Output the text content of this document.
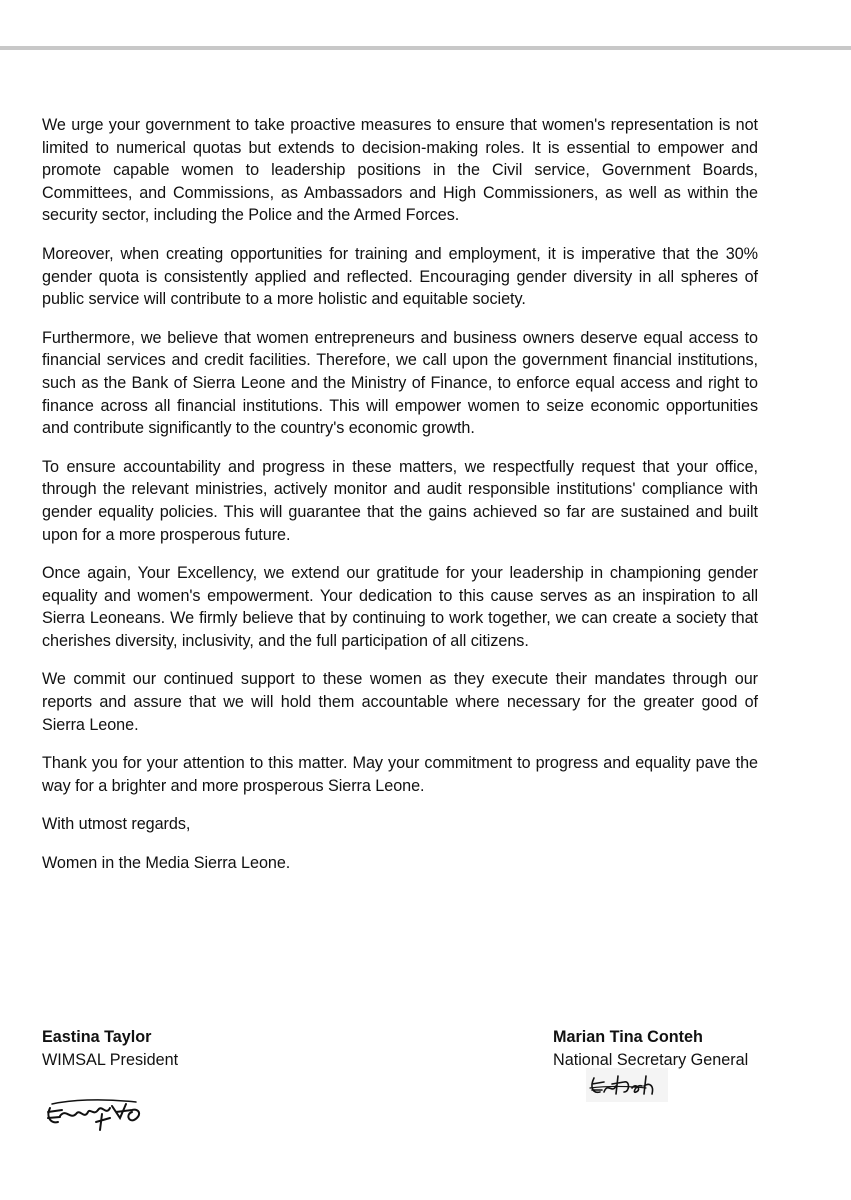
We urge your government to take proactive measures to ensure that women's representation is not limited to numerical quotas but extends to decision-making roles. It is essential to empower and promote capable women to leadership positions in the Civil service, Government Boards, Committees, and Commissions, as Ambassadors and High Commissioners, as well as within the security sector, including the Police and the Armed Forces.

Moreover, when creating opportunities for training and employment, it is imperative that the 30% gender quota is consistently applied and reflected. Encouraging gender diversity in all spheres of public service will contribute to a more holistic and equitable society.

Furthermore, we believe that women entrepreneurs and business owners deserve equal access to financial services and credit facilities. Therefore, we call upon the government financial institutions, such as the Bank of Sierra Leone and the Ministry of Finance, to enforce equal access and right to finance across all financial institutions. This will empower women to seize economic opportunities and contribute significantly to the country's economic growth.

To ensure accountability and progress in these matters, we respectfully request that your office, through the relevant ministries, actively monitor and audit responsible institutions' compliance with gender equality policies. This will guarantee that the gains achieved so far are sustained and built upon for a more prosperous future.

Once again, Your Excellency, we extend our gratitude for your leadership in championing gender equality and women's empowerment. Your dedication to this cause serves as an inspiration to all Sierra Leoneans. We firmly believe that by continuing to work together, we can create a society that cherishes diversity, inclusivity, and the full participation of all citizens.

We commit our continued support to these women as they execute their mandates through our reports and assure that we will hold them accountable where necessary for the greater good of Sierra Leone.

Thank you for your attention to this matter. May your commitment to progress and equality pave the way for a brighter and more prosperous Sierra Leone.

With utmost regards,

Women in the Media Sierra Leone.

Eastina Taylor
WIMSAL President
Marian Tina Conteh
National Secretary General
